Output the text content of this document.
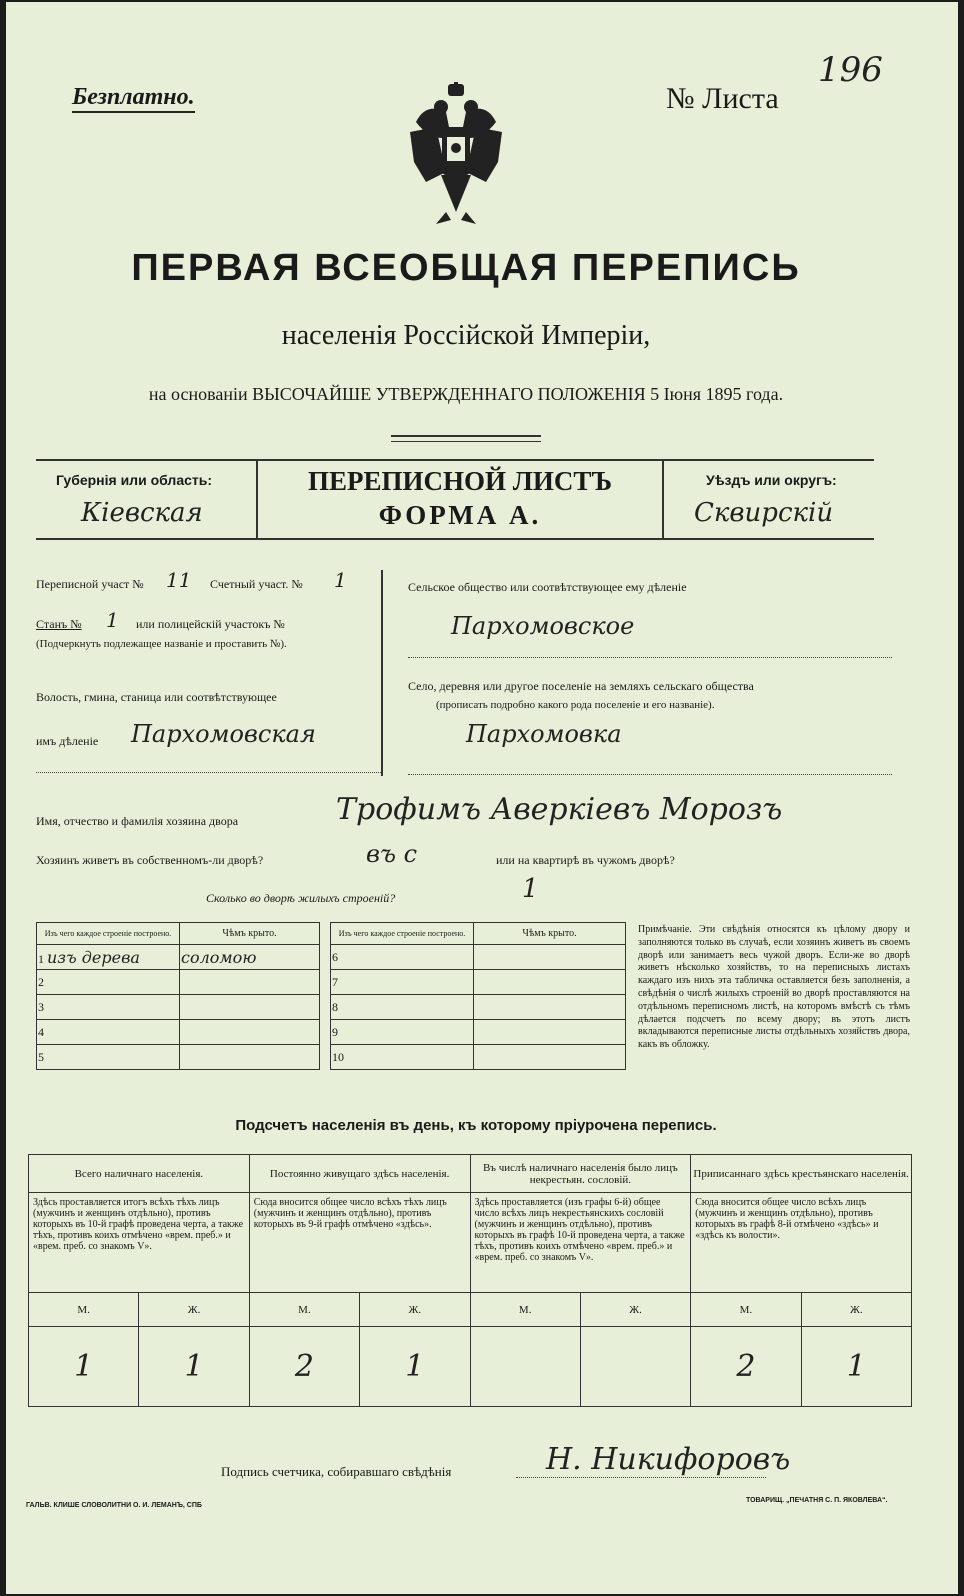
Безплатно.	№ Листа
196
ПЕРВАЯ ВСЕОБЩАЯ ПЕРЕПИСЬ
населенія Россійской Имперіи,
на основаніи ВЫСОЧАЙШЕ УТВЕРЖДЕННАГО ПОЛОЖЕНІЯ 5 Іюня 1895 года.
Губернія или область:
Кіевская
ПЕРЕПИСНОЙ ЛИСТЪ
ФОРМА А.
Уѣздъ или округъ:
Сквирскій
Переписной участ № 11 Счетный участ. № 1
Станъ № 1 или полицейскій участокъ №
(Подчеркнуть подлежащее названіе и проставить №).
Волость, гмина, станица или соотвѣтствующее
имъ дѣленіе Пархомовская
Сельское общество или соотвѣтствующее ему дѣленіе
Пархомовское
Село, деревня или другое поселеніе на земляхъ сельскаго общества
(прописать подробно какого рода поселеніе и его названіе).
Пархомовка
Имя, отчество и фамилія хозяина двора	Трофимъ Аверкіевъ Морозъ
Хозяинъ живетъ въ собственномъ-ли дворѣ?	въ с	или на квартирѣ въ чужомъ дворѣ?
Сколько во дворѣ жилыхъ строеній?	1
Изъ чего каждое строеніе построено.	Чѣмъ крыто.
1 изъ дерева	соломою
2	
3	
4	
5	
Изъ чего каждое строеніе построено.	Чѣмъ крыто.
6	
7	
8	
9	
10	
Примѣчаніе. Эти свѣдѣнія относятся къ цѣлому двору и заполняются только въ случаѣ, если хозяинъ живетъ въ своемъ дворѣ или занимаетъ весь чужой дворъ. Если-же во дворѣ живетъ нѣсколько хозяйствъ, то на переписныхъ листахъ каждаго изъ нихъ эта табличка оставляется безъ заполненія, а свѣдѣнія о числѣ жилыхъ строеній во дворѣ проставляются на отдѣльномъ переписномъ листѣ, на которомъ вмѣстѣ съ тѣмъ дѣлается подсчетъ по всему двору; въ этотъ листъ вкладываются переписные листы отдѣльныхъ хозяйствъ двора, какъ въ обложку.
Подсчетъ населенія въ день, къ которому пріурочена перепись.
Всего наличнаго населенія.		Постоянно живущаго здѣсь населенія.		Въ числѣ наличнаго населенія было лицъ некрестьян. сословій.		Приписаннаго здѣсь крестьянскаго населенія.	
Здѣсь проставляется итогъ всѣхъ тѣхъ лицъ (мужчинъ и женщинъ отдѣльно), противъ которыхъ въ 10-й графѣ проведена черта, а также тѣхъ, противъ коихъ отмѣчено «врем. преб.» и «врем. преб. со знакомъ V».		Сюда вносится общее число всѣхъ тѣхъ лицъ (мужчинъ и женщинъ отдѣльно), противъ которыхъ въ 9-й графѣ отмѣчено «здѣсь».		Здѣсь проставляется (изъ графы 6-й) общее число всѣхъ лицъ некрестьянскихъ сословій (мужчинъ и женщинъ отдѣльно), противъ которыхъ въ графѣ 10-й проведена черта, а также тѣхъ, противъ коихъ отмѣчено «врем. преб.» и «врем. преб. со знакомъ V».		Сюда вносится общее число всѣхъ лицъ (мужчинъ и женщинъ отдѣльно), противъ которыхъ въ графѣ 8-й отмѣчено «здѣсь» и «здѣсь къ волости».	
М.	Ж.	М.	Ж.	М.	Ж.	М.	Ж.
1	1	2	1			2	1
Подпись счетчика, собиравшаго свѣдѣнія	Н. Никифоровъ
ГАЛЬВ. КЛИШЕ СЛОВОЛИТНИ О. И. ЛЕМАНЪ, СПБ
ТОВАРИЩ. „ПЕЧАТНЯ С. П. ЯКОВЛЕВА“.
